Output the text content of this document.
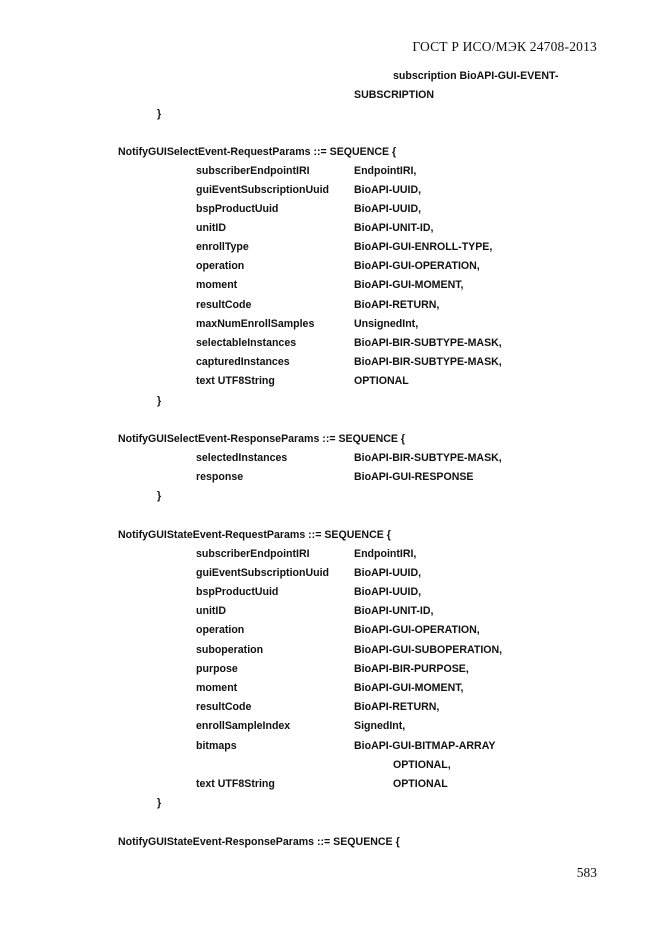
ГОСТ Р ИСО/МЭК 24708-2013
subscription BioAPI-GUI-EVENT-
SUBSCRIPTION
}
NotifyGUISelectEvent-RequestParams ::= SEQUENCE {
subscriberEndpointIRI	EndpointIRI,
guiEventSubscriptionUuid BioAPI-UUID,
bspProductUuid	BioAPI-UUID,
unitID	BioAPI-UNIT-ID,
enrollType	BioAPI-GUI-ENROLL-TYPE,
operation	BioAPI-GUI-OPERATION,
moment	BioAPI-GUI-MOMENT,
resultCode	BioAPI-RETURN,
maxNumEnrollSamples	UnsignedInt,
selectableInstances	BioAPI-BIR-SUBTYPE-MASK,
capturedInstances	BioAPI-BIR-SUBTYPE-MASK,
text UTF8String	OPTIONAL
}
NotifyGUISelectEvent-ResponseParams ::= SEQUENCE {
selectedInstances	BioAPI-BIR-SUBTYPE-MASK,
response	BioAPI-GUI-RESPONSE
}
NotifyGUIStateEvent-RequestParams ::= SEQUENCE {
subscriberEndpointIRI	EndpointIRI,
guiEventSubscriptionUuid BioAPI-UUID,
bspProductUuid	BioAPI-UUID,
unitID	BioAPI-UNIT-ID,
operation	BioAPI-GUI-OPERATION,
suboperation	BioAPI-GUI-SUBOPERATION,
purpose	BioAPI-BIR-PURPOSE,
moment	BioAPI-GUI-MOMENT,
resultCode	BioAPI-RETURN,
enrollSampleIndex	SignedInt,
bitmaps	BioAPI-GUI-BITMAP-ARRAY
OPTIONAL,
text UTF8String	OPTIONAL
}
NotifyGUIStateEvent-ResponseParams ::= SEQUENCE {
583
